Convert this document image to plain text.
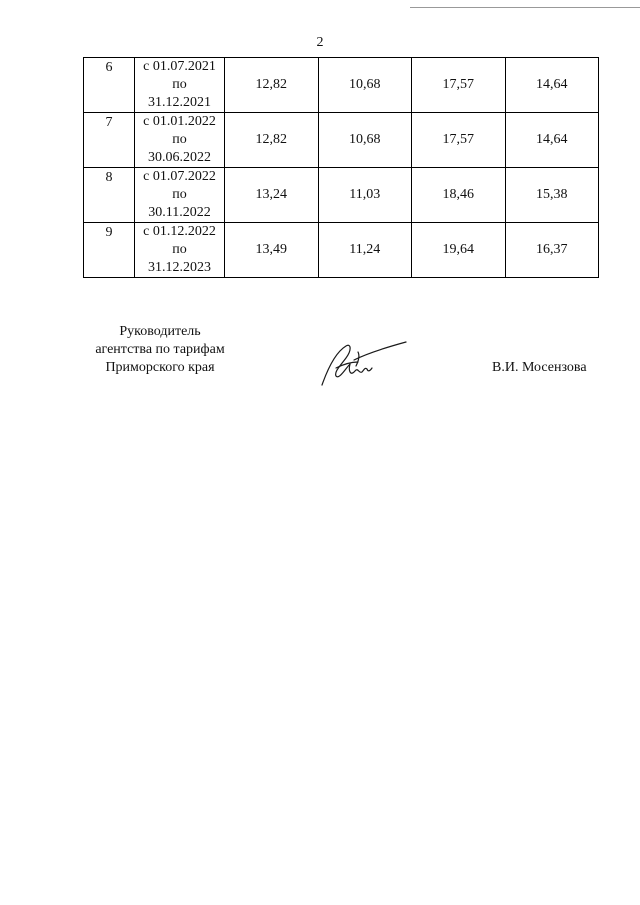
2
6	с 01.07.2021
по
31.12.2021	12,82	10,68	17,57	14,64
7	с 01.01.2022
по
30.06.2022	12,82	10,68	17,57	14,64
8	с 01.07.2022
по
30.11.2022	13,24	11,03	18,46	15,38
9	с 01.12.2022
по
31.12.2023	13,49	11,24	19,64	16,37
Руководитель
агентства по тарифам
Приморского края	В.И. Мосензова
